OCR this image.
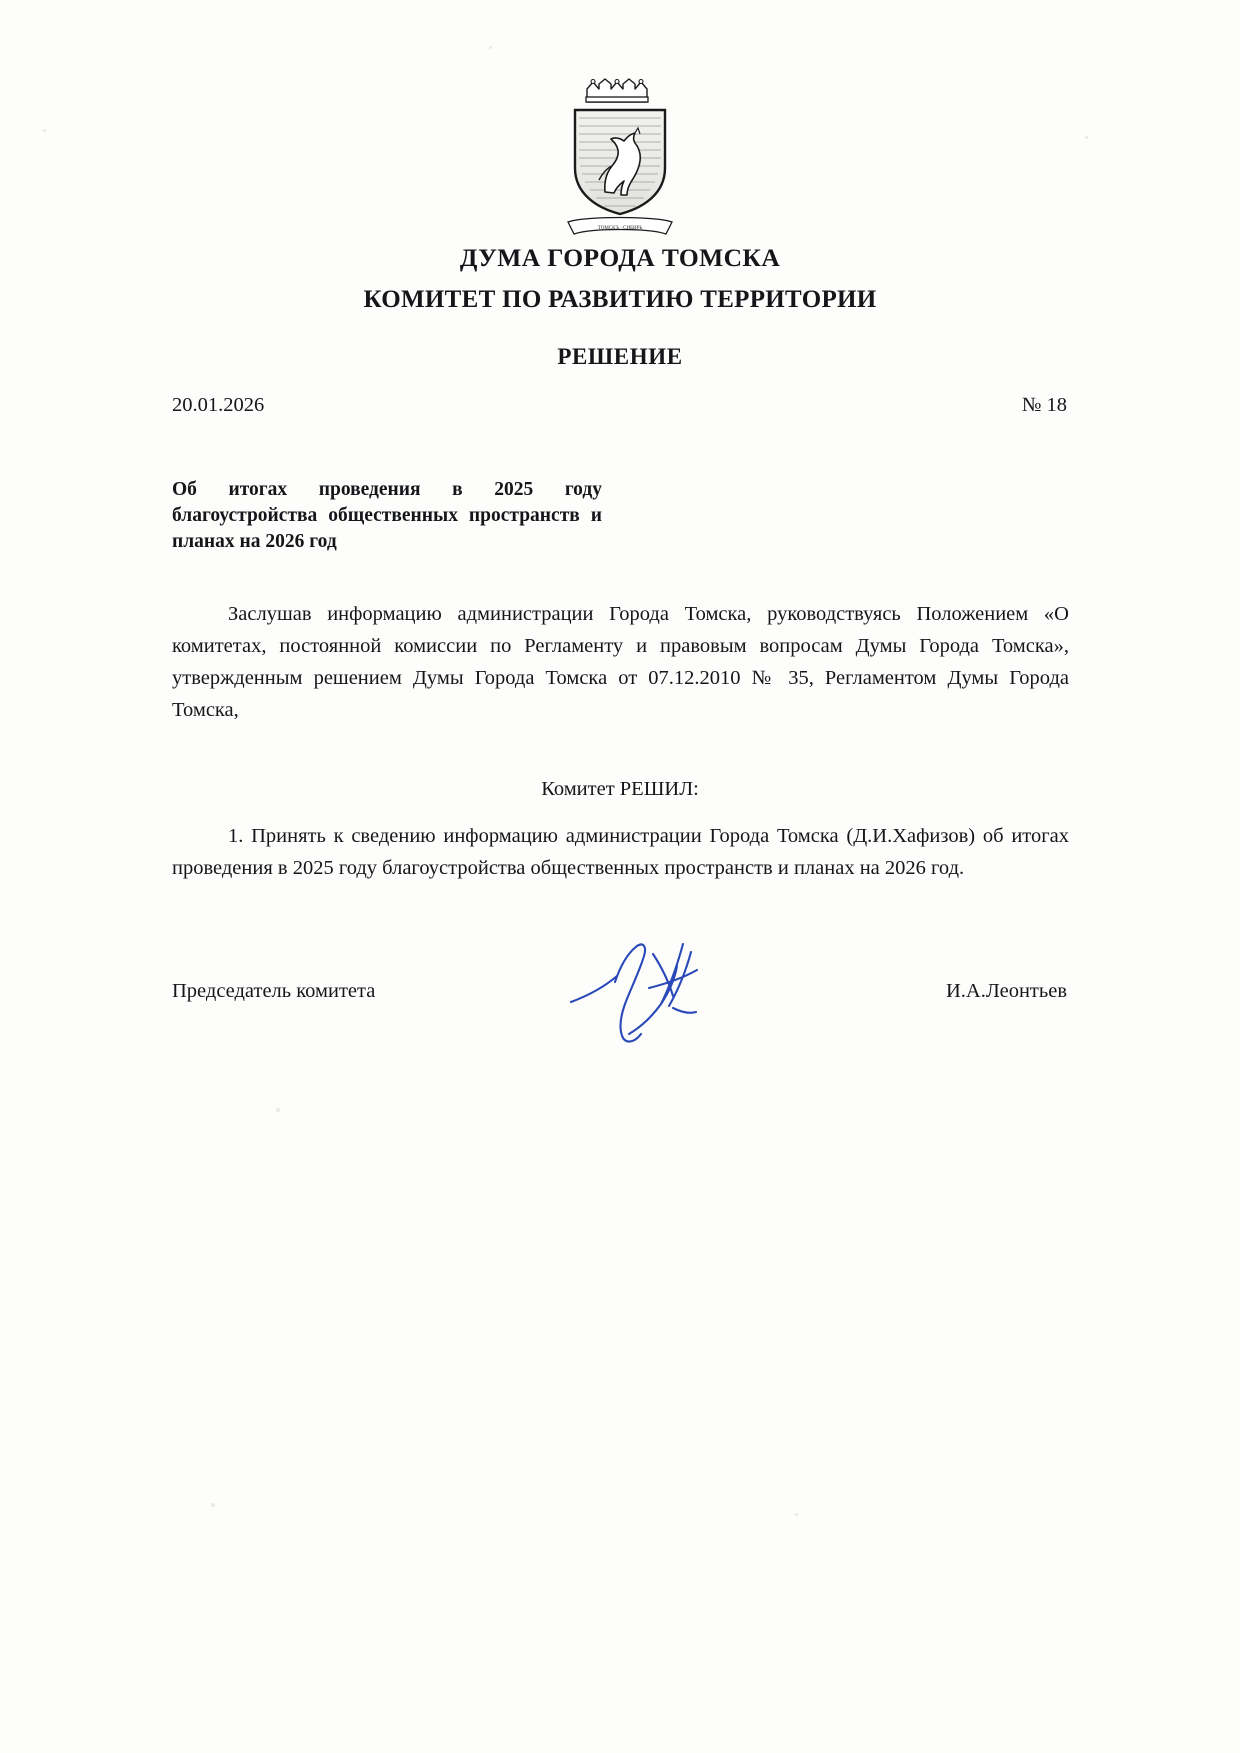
ТОМСКЪ · СИБИРЬ
ДУМА ГОРОДА ТОМСКА
КОМИТЕТ ПО РАЗВИТИЮ ТЕРРИТОРИИ
РЕШЕНИЕ
20.01.2026	№ 18
Об итогах проведения в 2025 году благоустройства общественных пространств и планах на 2026 год
Заслушав информацию администрации Города Томска, руководствуясь Положением «О комитетах, постоянной комиссии по Регламенту и правовым вопросам Думы Города Томска», утвержденным решением Думы Города Томска от 07.12.2010 № 35, Регламентом Думы Города Томска,
Комитет РЕШИЛ:
1. Принять к сведению информацию администрации Города Томска (Д.И.Хафизов) об итогах проведения в 2025 году благоустройства общественных пространств и планах на 2026 год.
Председатель комитета	И.А.Леонтьев
